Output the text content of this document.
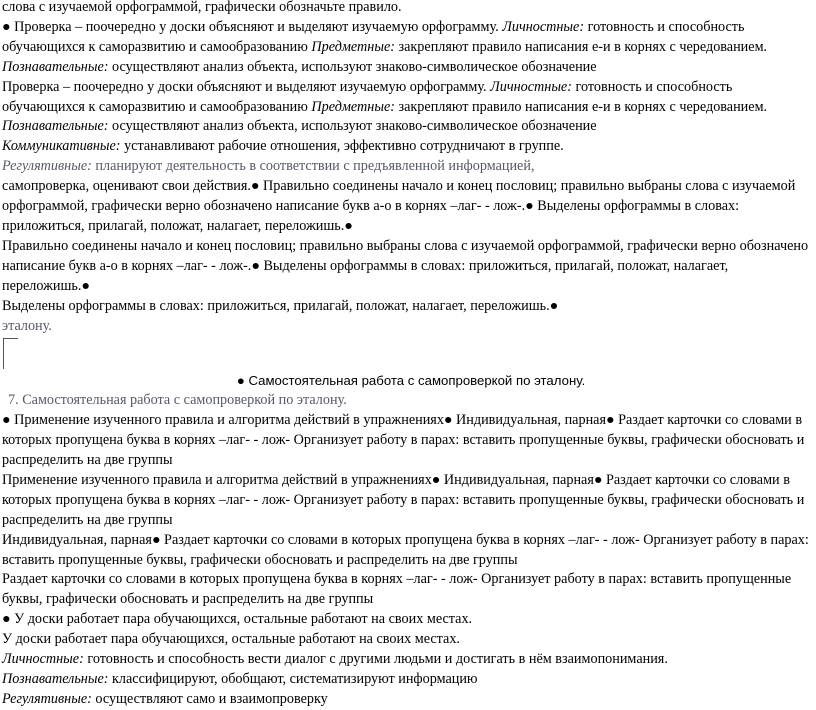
слова с изучаемой орфограммой, графически обозначьте правило.

● Проверка – поочередно у доски объясняют и выделяют изучаемую орфограмму. Личностные: готовность и способность обучающихся к саморазвитию и самообразованию Предметные: закрепляют правило написания е-и в корнях с чередованием. Познавательные: осуществляют анализ объекта, используют знаково-символическое обозначение

Проверка – поочередно у доски объясняют и выделяют изучаемую орфограмму. Личностные: готовность и способность обучающихся к саморазвитию и самообразованию Предметные: закрепляют правило написания е-и в корнях с чередованием. Познавательные: осуществляют анализ объекта, используют знаково-символическое обозначение

Коммуникативные: устанавливают рабочие отношения, эффективно сотрудничают в группе.

Регулятивные: планируют деятельность в соответствии с предъявленной информацией,

самопроверка, оценивают свои действия.● Правильно соединены начало и конец пословиц; правильно выбраны слова с изучаемой орфограммой, графически верно обозначено написание букв а-о в корнях –лаг- - лож-.● Выделены орфограммы в словах: приложиться, прилагай, положат, налагает, переложишь.●

Правильно соединены начало и конец пословиц; правильно выбраны слова с изучаемой орфограммой, графически верно обозначено написание букв а-о в корнях –лаг- - лож-.● Выделены орфограммы в словах: приложиться, прилагай, положат, налагает, переложишь.●

Выделены орфограммы в словах: приложиться, прилагай, положат, налагает, переложишь.●

эталону.

● Самостоятельная работа с самопроверкой по эталону.

7. Самостоятельная работа с самопроверкой по эталону.

● Применение изученного правила и алгоритма действий в упражнениях● Индивидуальная, парная● Раздает карточки со словами в которых пропущена буква в корнях –лаг- - лож- Организует работу в парах: вставить пропущенные буквы, графически обосновать и распределить на две группы

Применение изученного правила и алгоритма действий в упражнениях● Индивидуальная, парная● Раздает карточки со словами в которых пропущена буква в корнях –лаг- - лож- Организует работу в парах: вставить пропущенные буквы, графически обосновать и распределить на две группы

Индивидуальная, парная● Раздает карточки со словами в которых пропущена буква в корнях –лаг- - лож- Организует работу в парах: вставить пропущенные буквы, графически обосновать и распределить на две группы

Раздает карточки со словами в которых пропущена буква в корнях –лаг- - лож- Организует работу в парах: вставить пропущенные буквы, графически обосновать и распределить на две группы

● У доски работает пара обучающихся, остальные работают на своих местах.

У доски работает пара обучающихся, остальные работают на своих местах.

Личностные: готовность и способность вести диалог с другими людьми и достигать в нём взаимопонимания.

Познавательные: классифицируют, обобщают, систематизируют информацию

Регулятивные: осуществляют само и взаимопроверку
